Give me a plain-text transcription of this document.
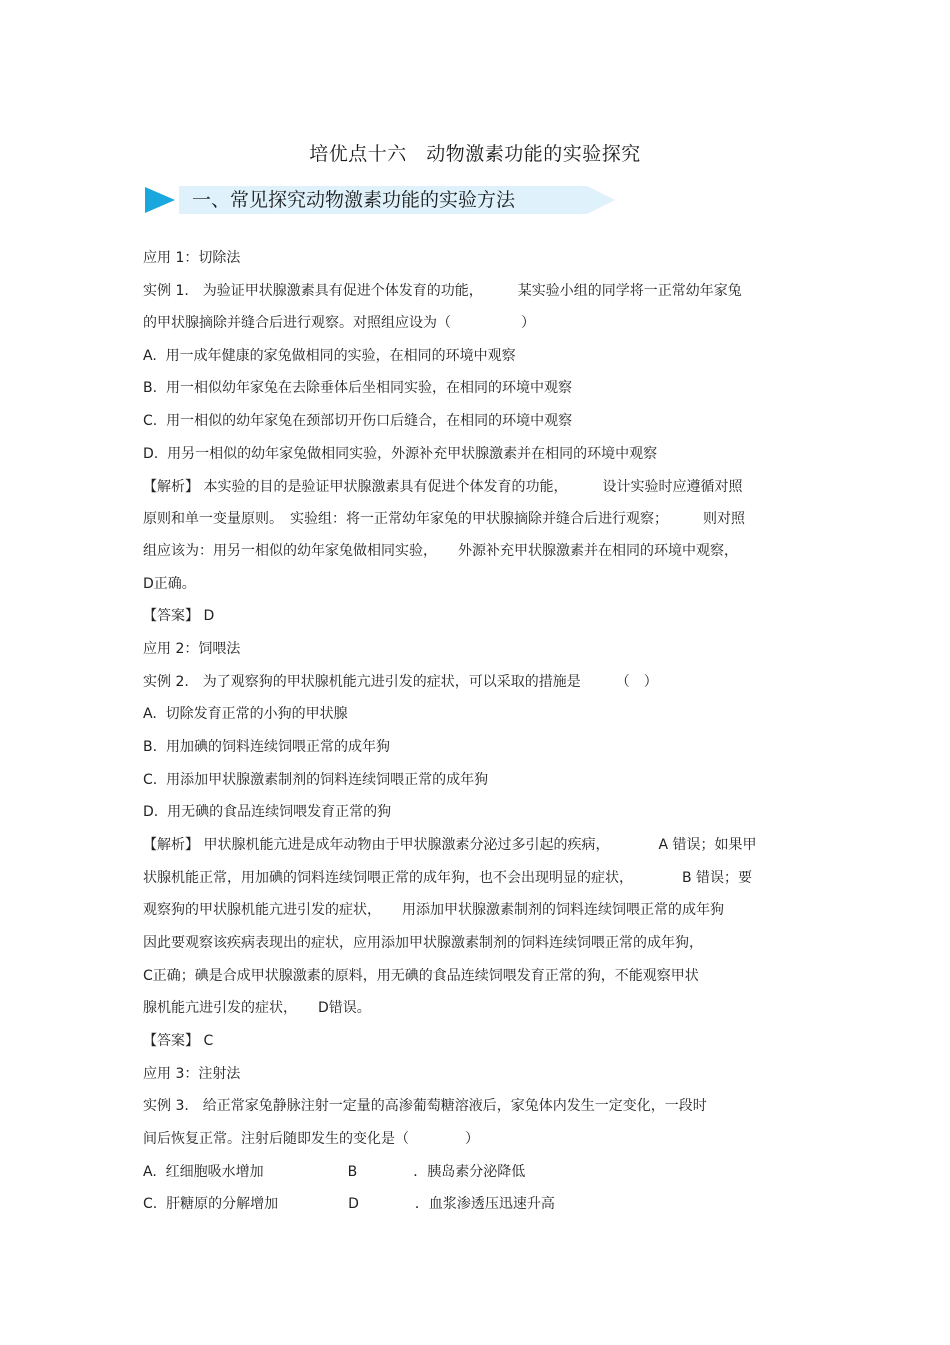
培优点十六　动物激素功能的实验探究
一、常见探究动物激素功能的实验方法
应用 1：切除法
实例 1.　为验证甲状腺激素具有促进个体发育的功能，　　　某实验小组的同学将一正常幼年家兔
的甲状腺摘除并缝合后进行观察。对照组应设为（　　　　　）
A.  用一成年健康的家兔做相同的实验，在相同的环境中观察
B.  用一相似幼年家兔在去除垂体后坐相同实验，在相同的环境中观察
C.  用一相似的幼年家兔在颈部切开伤口后缝合，在相同的环境中观察
D.  用另一相似的幼年家兔做相同实验，外源补充甲状腺激素并在相同的环境中观察
【解析】 本实验的目的是验证甲状腺激素具有促进个体发育的功能，　　　设计实验时应遵循对照
原则和单一变量原则。　实验组：将一正常幼年家兔的甲状腺摘除并缝合后进行观察；　　　则对照
组应该为：用另一相似的幼年家兔做相同实验，　　外源补充甲状腺激素并在相同的环境中观察，
D正确。
【答案】 D
应用 2：饲喂法
实例 2.　为了观察狗的甲状腺机能亢进引发的症状，可以采取的措施是　　　（　）
A.  切除发育正常的小狗的甲状腺
B.  用加碘的饲料连续饲喂正常的成年狗
C.  用添加甲状腺激素制剂的饲料连续饲喂正常的成年狗
D.  用无碘的食品连续饲喂发育正常的狗
【解析】 甲状腺机能亢进是成年动物由于甲状腺激素分泌过多引起的疾病，　　　　A 错误；如果甲
状腺机能正常，用加碘的饲料连续饲喂正常的成年狗，也不会出现明显的症状，　　　　B 错误；要
观察狗的甲状腺机能亢进引发的症状，　　用添加甲状腺激素制剂的饲料连续饲喂正常的成年狗
因此要观察该疾病表现出的症状，应用添加甲状腺激素制剂的饲料连续饲喂正常的成年狗，
C正确；碘是合成甲状腺激素的原料，用无碘的食品连续饲喂发育正常的狗，不能观察甲状
腺机能亢进引发的症状，　　D错误。
【答案】 C
应用 3：注射法
实例 3.　给正常家兔静脉注射一定量的高渗葡萄糖溶液后，家兔体内发生一定变化，一段时
间后恢复正常。注射后随即发生的变化是（　　　　）
A.  红细胞吸水增加　　　　　　B　　　　．胰岛素分泌降低
C.  肝糖原的分解增加　　　　　D　　　　．血浆渗透压迅速升高
